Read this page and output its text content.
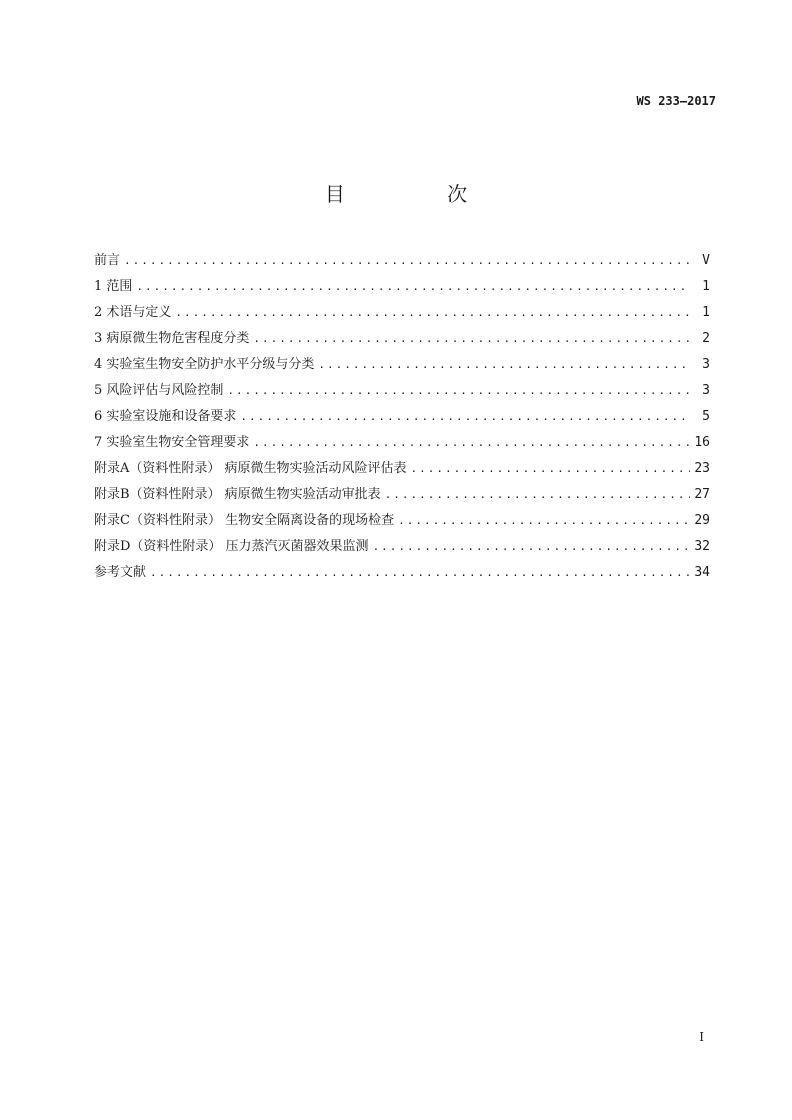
WS 233—2017
目 次
前言 .....	V
1 范围 .....	1
2 术语与定义 .....	1
3 病原微生物危害程度分类 .....	2
4 实验室生物安全防护水平分级与分类 .....	3
5 风险评估与风险控制 .....	3
6 实验室设施和设备要求 .....	5
7 实验室生物安全管理要求 .....	16
附录A（资料性附录） 病原微生物实验活动风险评估表 .....	23
附录B（资料性附录） 病原微生物实验活动审批表 .....	27
附录C（资料性附录） 生物安全隔离设备的现场检查 .....	29
附录D（资料性附录） 压力蒸汽灭菌器效果监测 .....	32
参考文献 .....	34
I
